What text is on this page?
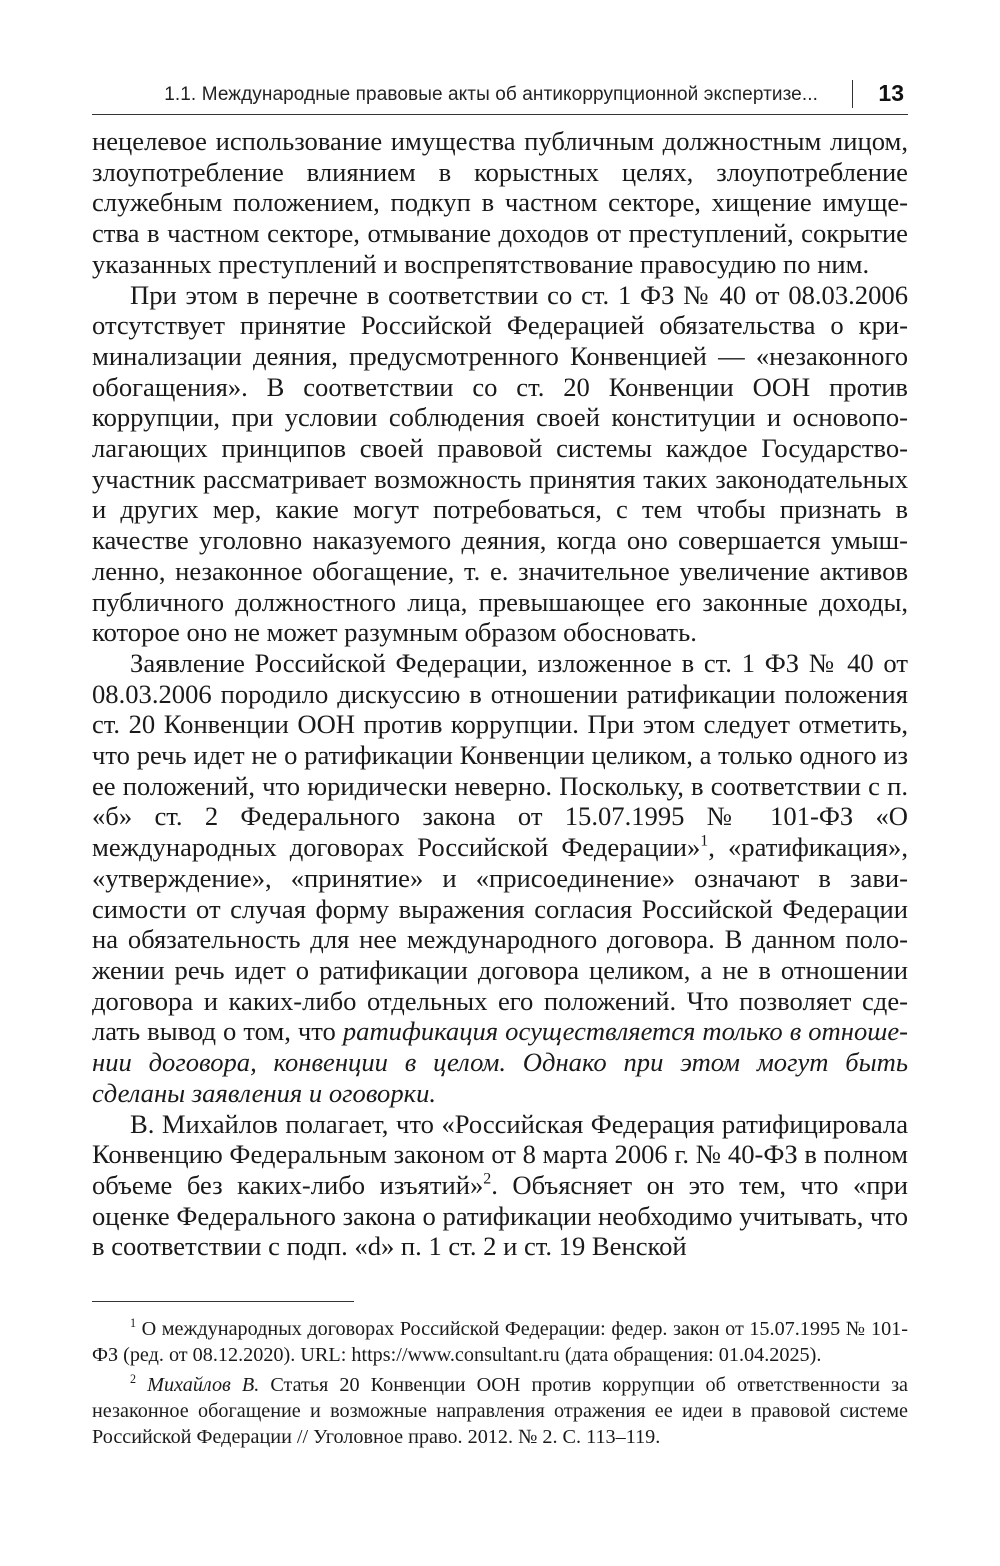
1.1. Международные правовые акты об антикоррупционной экспертизе...	13

нецелевое использование имущества публичным должностным лицом, злоупотребление влиянием в корыстных целях, злоупотребление служебным положением, подкуп в частном секторе, хищение имущества в частном секторе, отмывание доходов от преступлений, сокрытие указанных преступлений и воспрепятствование правосудию по ним.

При этом в перечне в соответствии со ст. 1 ФЗ № 40 от 08.03.2006 отсутствует принятие Российской Федерацией обязательства о криминализации деяния, предусмотренного Конвенцией — «незаконного обогащения». В соответствии со ст. 20 Конвенции ООН против коррупции, при условии соблюдения своей конституции и основополагающих принципов своей правовой системы каждое Государство-участник рассматривает возможность принятия таких законодательных и других мер, какие могут потребоваться, с тем чтобы признать в качестве уголовно наказуемого деяния, когда оно совершается умышленно, незаконное обогащение, т. е. значительное увеличение активов публичного должностного лица, превышающее его законные доходы, которое оно не может разумным образом обосновать.

Заявление Российской Федерации, изложенное в ст. 1 ФЗ № 40 от 08.03.2006 породило дискуссию в отношении ратификации положения ст. 20 Конвенции ООН против коррупции. При этом следует отметить, что речь идет не о ратификации Конвенции целиком, а только одного из ее положений, что юридически неверно. Поскольку, в соответствии с п. «б» ст. 2 Федерального закона от 15.07.1995 № 101-ФЗ «О международных договорах Российской Федерации»$^1$, «ратификация», «утверждение», «принятие» и «присоединение» означают в зависимости от случая форму выражения согласия Российской Федерации на обязательность для нее международного договора. В данном положении речь идет о ратификации договора целиком, а не в отношении договора и каких-либо отдельных его положений. Что позволяет сделать вывод о том, что ратификация осуществляется только в отношении договора, конвенции в целом. Однако при этом могут быть сделаны заявления и оговорки.

В. Михайлов полагает, что «Российская Федерация ратифицировала Конвенцию Федеральным законом от 8 марта 2006 г. № 40-ФЗ в полном объеме без каких-либо изъятий»$^2$. Объясняет он это тем, что «при оценке Федерального закона о ратификации необходимо учитывать, что в соответствии с подп. «d» п. 1 ст. 2 и ст. 19 Венской

$^1$ О международных договорах Российской Федерации: федер. закон от 15.07.1995 № 101-ФЗ (ред. от 08.12.2020). URL: https://www.consultant.ru (дата обращения: 01.04.2025).

$^2$ Михайлов В. Статья 20 Конвенции ООН против коррупции об ответственности за незаконное обогащение и возможные направления отражения ее идеи в правовой системе Российской Федерации // Уголовное право. 2012. № 2. С. 113–119.
